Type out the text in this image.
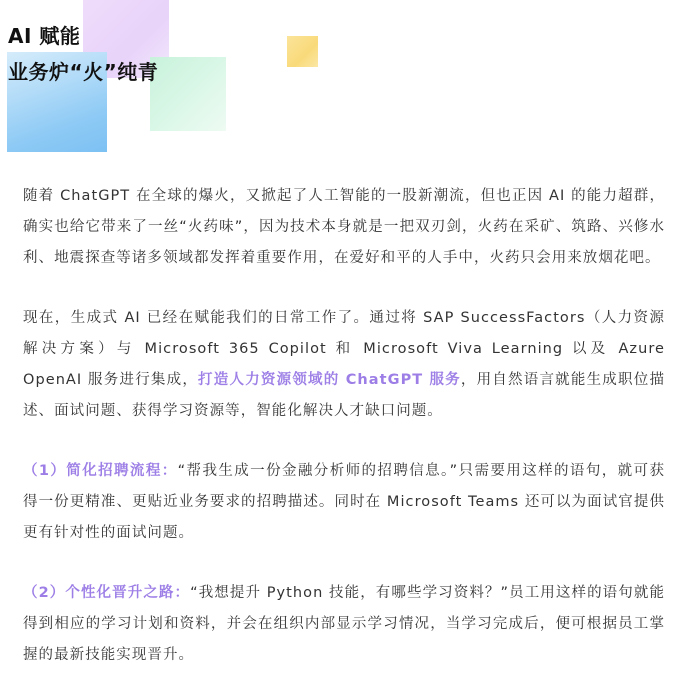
AI 赋能
业务炉“火”纯青

随着 ChatGPT 在全球的爆火，又掀起了人工智能的一股新潮流，但也正因 AI 的能力超群，确实也给它带来了一丝“火药味”，因为技术本身就是一把双刃剑，火药在采矿、筑路、兴修水利、地震探查等诸多领域都发挥着重要作用，在爱好和平的人手中，火药只会用来放烟花吧。

现在，生成式 AI 已经在赋能我们的日常工作了。通过将 SAP SuccessFactors（人力资源解决方案）与 Microsoft 365 Copilot 和 Microsoft Viva Learning 以及 Azure OpenAI 服务进行集成，打造人力资源领域的 ChatGPT 服务，用自然语言就能生成职位描述、面试问题、获得学习资源等，智能化解决人才缺口问题。

（1）简化招聘流程：“帮我生成一份金融分析师的招聘信息。”只需要用这样的语句，就可获得一份更精准、更贴近业务要求的招聘描述。同时在 Microsoft Teams 还可以为面试官提供更有针对性的面试问题。

（2）个性化晋升之路：“我想提升 Python 技能，有哪些学习资料？”员工用这样的语句就能得到相应的学习计划和资料，并会在组织内部显示学习情况，当学习完成后，便可根据员工掌握的最新技能实现晋升。
